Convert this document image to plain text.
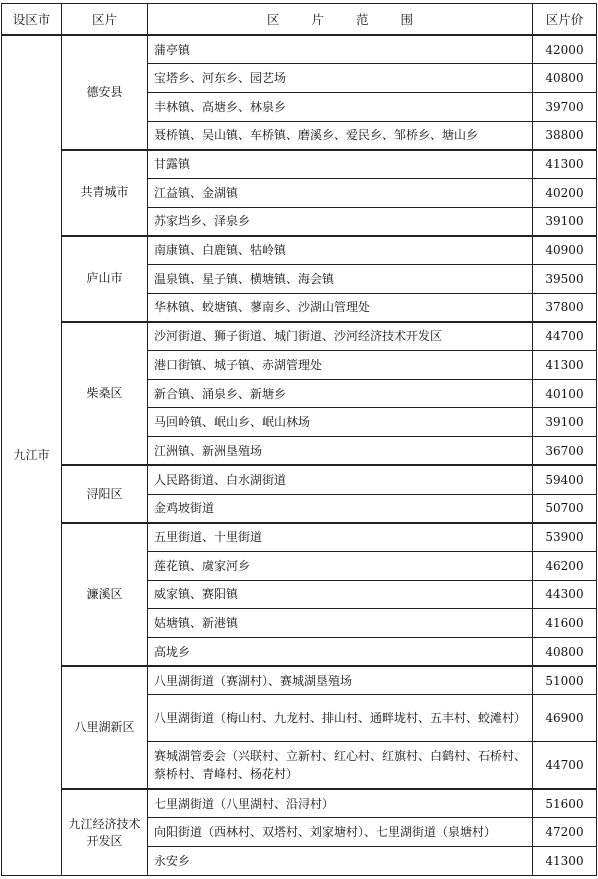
设区市	区片	区 片 范 围	区片价
九江市	德安县	蒲亭镇	42000
		宝塔乡、河东乡、园艺场	40800
		丰林镇、高塘乡、林泉乡	39700
		聂桥镇、吴山镇、车桥镇、磨溪乡、爱民乡、邹桥乡、塘山乡	38800
	共青城市	甘露镇	41300
		江益镇、金湖镇	40200
		苏家垱乡、泽泉乡	39100
	庐山市	南康镇、白鹿镇、牯岭镇	40900
		温泉镇、星子镇、横塘镇、海会镇	39500
		华林镇、蛟塘镇、蓼南乡、沙湖山管理处	37800
	柴桑区	沙河街道、狮子街道、城门街道、沙河经济技术开发区	44700
		港口街镇、城子镇、赤湖管理处	41300
		新合镇、涌泉乡、新塘乡	40100
		马回岭镇、岷山乡、岷山林场	39100
		江洲镇、新洲垦殖场	36700
	浔阳区	人民路街道、白水湖街道	59400
		金鸡坡街道	50700
	濂溪区	五里街道、十里街道	53900
		莲花镇、虞家河乡	46200
		威家镇、赛阳镇	44300
		姑塘镇、新港镇	41600
		高垅乡	40800
	八里湖新区	八里湖街道（赛湖村）、赛城湖垦殖场	51000
		八里湖街道（梅山村、九龙村、排山村、通畔垅村、五丰村、蛟滩村）	46900
		赛城湖管委会（兴联村、立新村、红心村、红旗村、白鹤村、石桥村、蔡桥村、青峰村、杨花村）	44700
	九江经济技术开发区	七里湖街道（八里湖村、沿浔村）	51600
		向阳街道（西林村、双塔村、刘家塘村）、七里湖街道（泉塘村）	47200
		永安乡	41300
